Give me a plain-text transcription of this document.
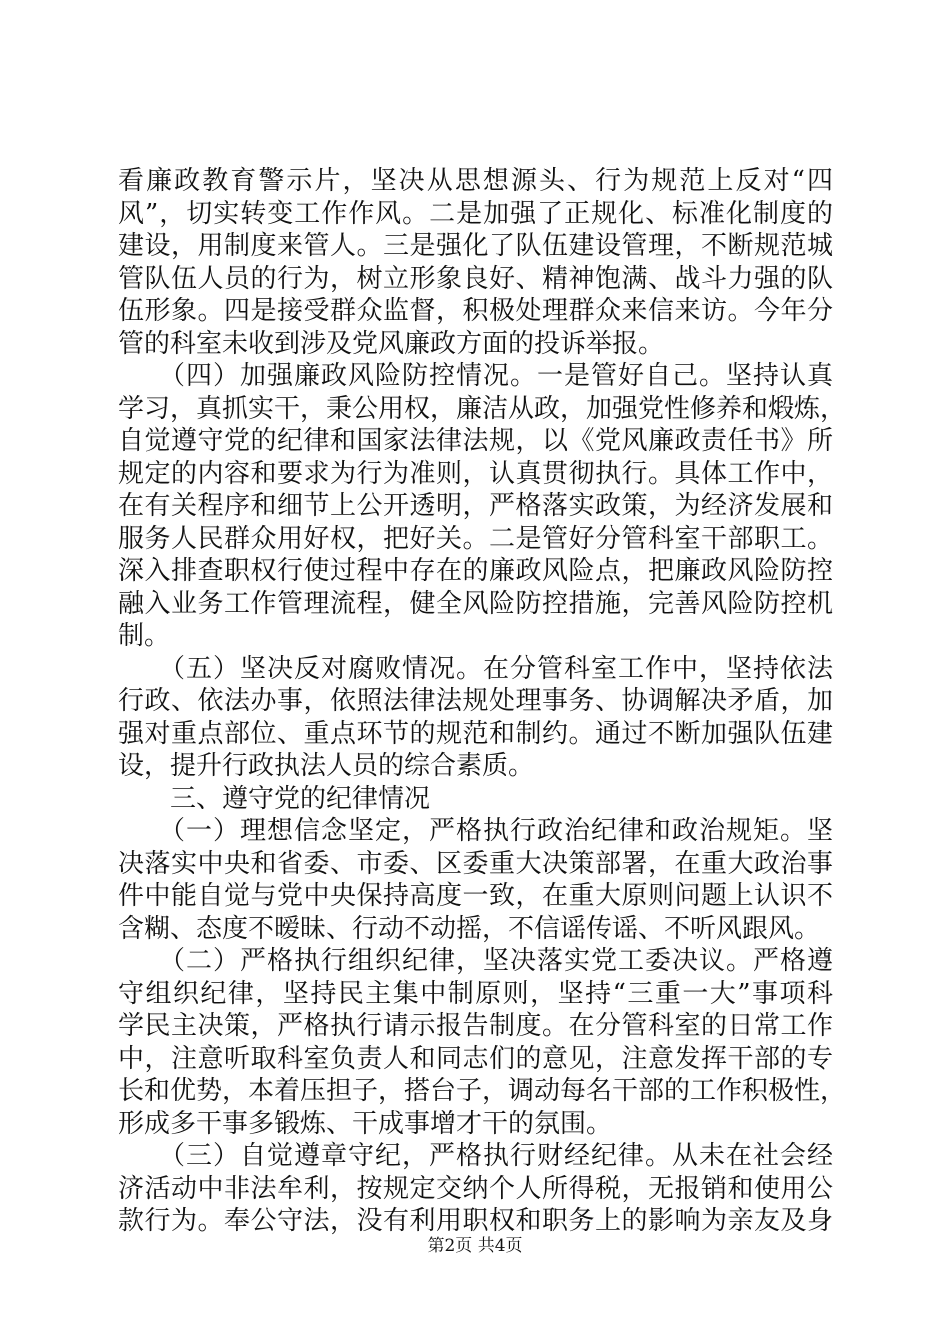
看廉政教育警示片，坚决从思想源头、行为规范上反对“四

风”，切实转变工作作风。二是加强了正规化、标准化制度的

建设，用制度来管人。三是强化了队伍建设管理，不断规范城

管队伍人员的行为，树立形象良好、精神饱满、战斗力强的队

伍形象。四是接受群众监督，积极处理群众来信来访。今年分

管的科室未收到涉及党风廉政方面的投诉举报。

　　（四）加强廉政风险防控情况。一是管好自己。坚持认真

学习，真抓实干，秉公用权，廉洁从政，加强党性修养和煅炼，

自觉遵守党的纪律和国家法律法规，以《党风廉政责任书》所

规定的内容和要求为行为准则，认真贯彻执行。具体工作中，

在有关程序和细节上公开透明，严格落实政策，为经济发展和

服务人民群众用好权，把好关。二是管好分管科室干部职工。

深入排查职权行使过程中存在的廉政风险点，把廉政风险防控

融入业务工作管理流程，健全风险防控措施，完善风险防控机

制。

　　（五）坚决反对腐败情况。在分管科室工作中，坚持依法

行政、依法办事，依照法律法规处理事务、协调解决矛盾，加

强对重点部位、重点环节的规范和制约。通过不断加强队伍建

设，提升行政执法人员的综合素质。

　　三、遵守党的纪律情况

　　（一）理想信念坚定，严格执行政治纪律和政治规矩。坚

决落实中央和省委、市委、区委重大决策部署，在重大政治事

件中能自觉与党中央保持高度一致，在重大原则问题上认识不

含糊、态度不暧昧、行动不动摇，不信谣传谣、不听风跟风。

　　（二）严格执行组织纪律，坚决落实党工委决议。严格遵

守组织纪律，坚持民主集中制原则，坚持“三重一大”事项科

学民主决策，严格执行请示报告制度。在分管科室的日常工作

中，注意听取科室负责人和同志们的意见，注意发挥干部的专

长和优势，本着压担子，搭台子，调动每名干部的工作积极性，

形成多干事多锻炼、干成事增才干的氛围。

　　（三）自觉遵章守纪，严格执行财经纪律。从未在社会经

济活动中非法牟利，按规定交纳个人所得税，无报销和使用公

款行为。奉公守法，没有利用职权和职务上的影响为亲友及身

第2页 共4页
